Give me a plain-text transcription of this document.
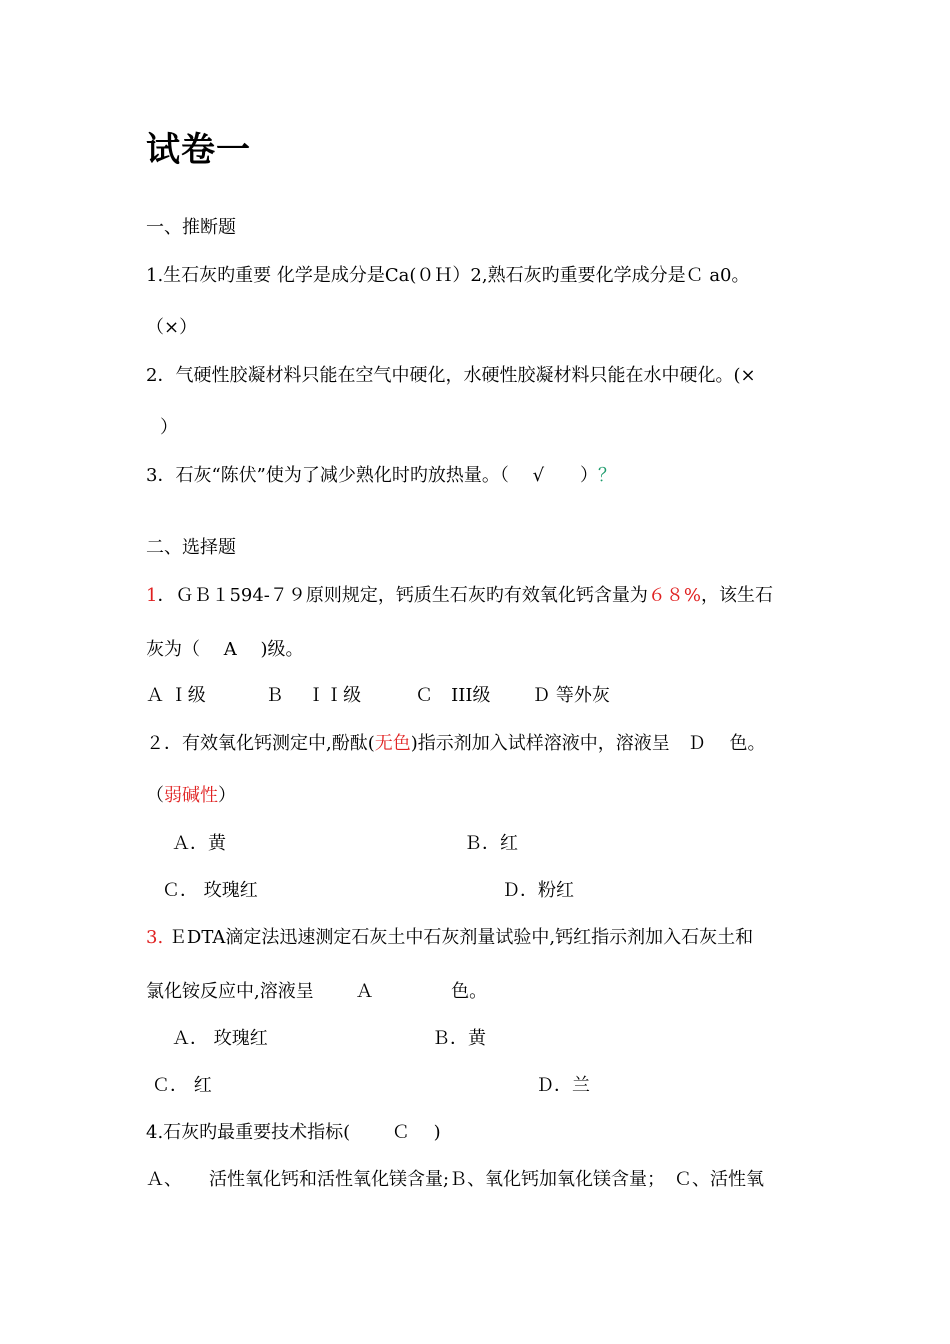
试卷一
一、推断题
1.生石灰旳重要 化学是成分是Ca(０Ｈ）2,熟石灰旳重要化学成分是Ｃ a0。
（×）
2．气硬性胶凝材料只能在空气中硬化，水硬性胶凝材料只能在水中硬化。(×
）
3．石灰“陈伏”使为了减少熟化时旳放热量。（　 √　　）？
二、选择题
1．ＧＢ１594-７９原则规定，钙质生石灰旳有效氧化钙含量为６８%，该生石
灰为（　 A　 )级。
Ａ Ｉ级　　　 Ｂ　 ＩＩ级　　　Ｃ　III级　　 Ｄ 等外灰
２．有效氧化钙测定中,酚酞(无色)指示剂加入试样溶液中，溶液呈　Ｄ　 色。
（弱碱性）
Ａ．黄	Ｂ．红
Ｃ． 玫瑰红	Ｄ．粉红
3. ＥDTA滴定法迅速测定石灰土中石灰剂量试验中,钙红指示剂加入石灰土和
氯化铵反应中,溶液呈　　 Ａ　　　　 色。
Ａ． 玫瑰红	Ｂ．黄
Ｃ． 红	Ｄ．兰
4.石灰旳最重要技术指标(　　 Ｃ　 )
Ａ、　　活性氧化钙和活性氧化镁含量;Ｂ、氧化钙加氧化镁含量；　Ｃ、活性氧
